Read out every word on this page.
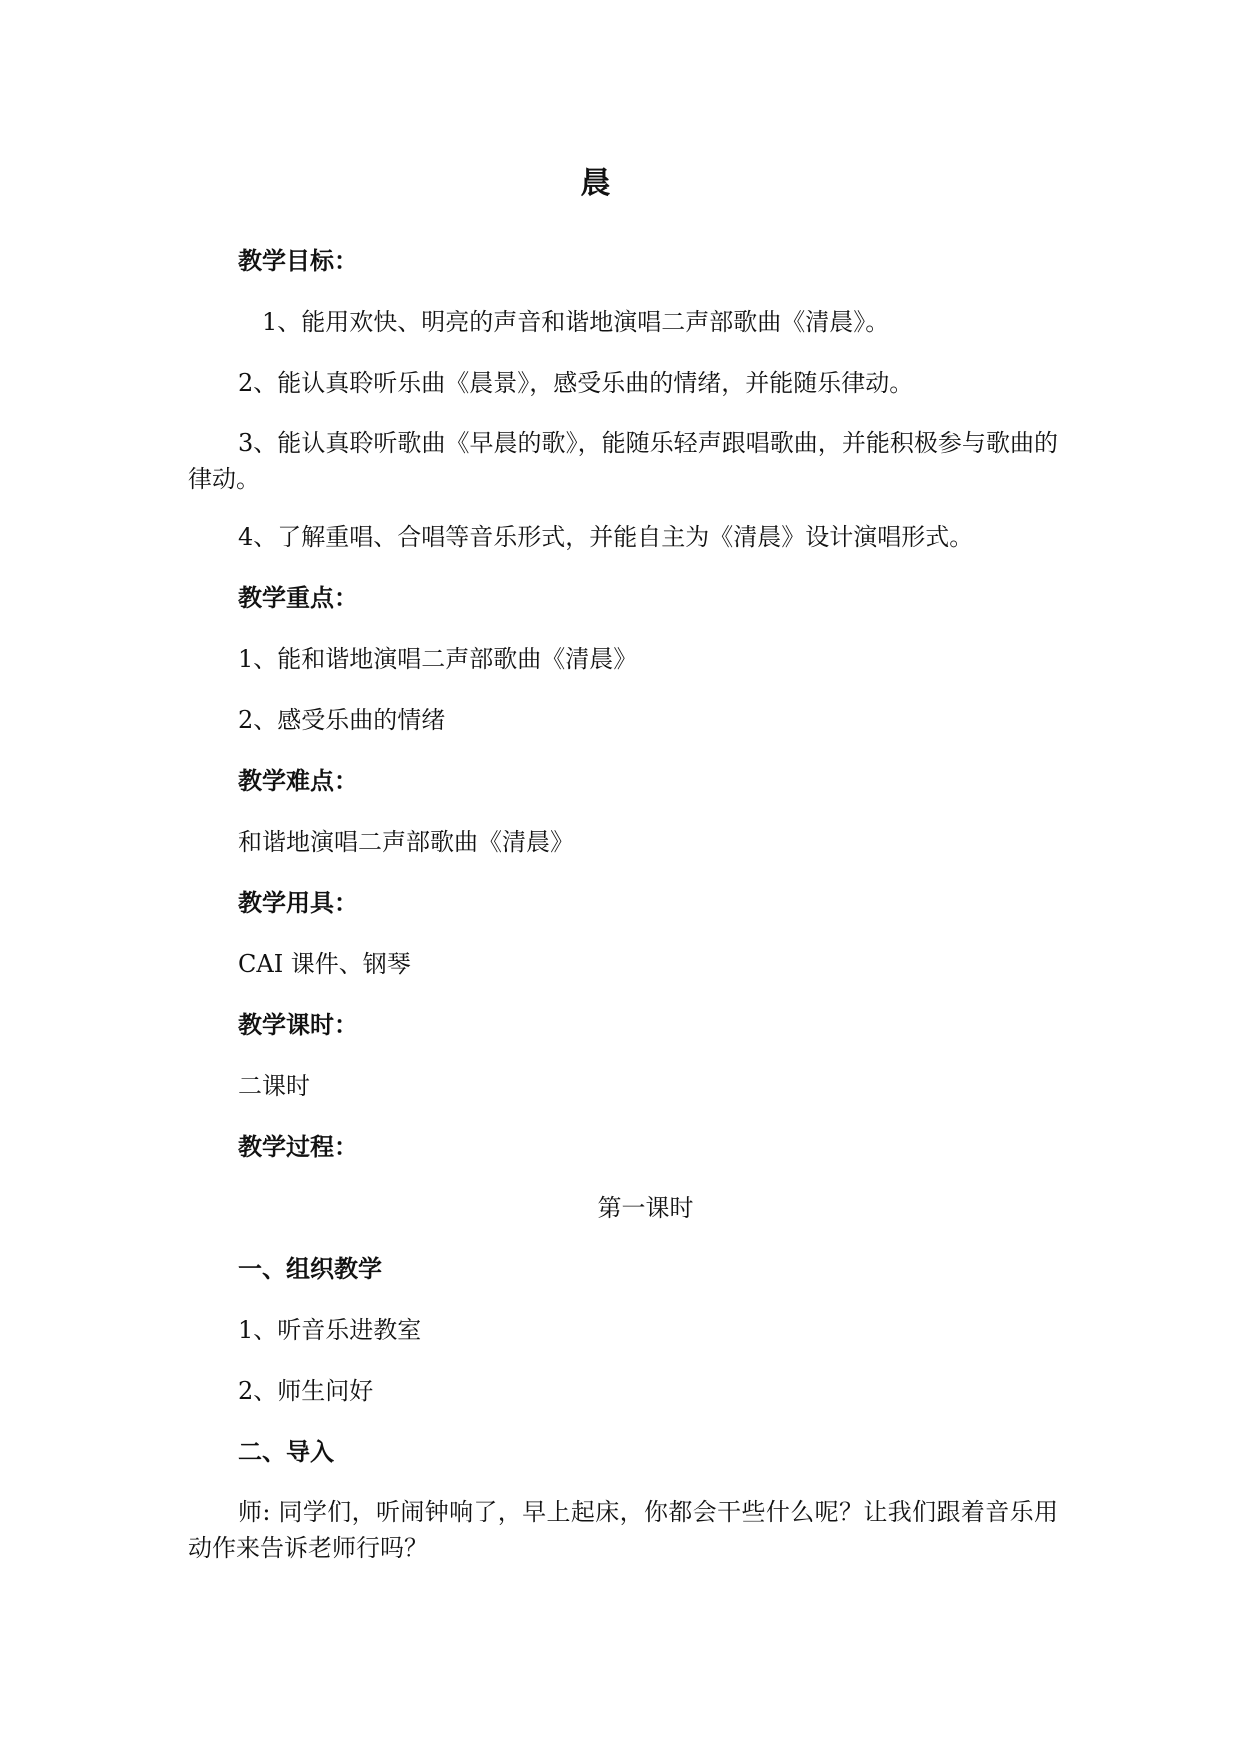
晨

教学目标：

1、能用欢快、明亮的声音和谐地演唱二声部歌曲《清晨》。

2、能认真聆听乐曲《晨景》，感受乐曲的情绪，并能随乐律动。

3、能认真聆听歌曲《早晨的歌》，能随乐轻声跟唱歌曲，并能积极参与歌曲的律动。

4、了解重唱、合唱等音乐形式，并能自主为《清晨》设计演唱形式。

教学重点：

1、能和谐地演唱二声部歌曲《清晨》

2、感受乐曲的情绪

教学难点：

和谐地演唱二声部歌曲《清晨》

教学用具：

CAI 课件、钢琴

教学课时：

二课时

教学过程：

第一课时

一、组织教学

1、听音乐进教室

2、师生问好

二、导入

师: 同学们，听闹钟响了，早上起床，你都会干些什么呢？让我们跟着音乐用动作来告诉老师行吗？
